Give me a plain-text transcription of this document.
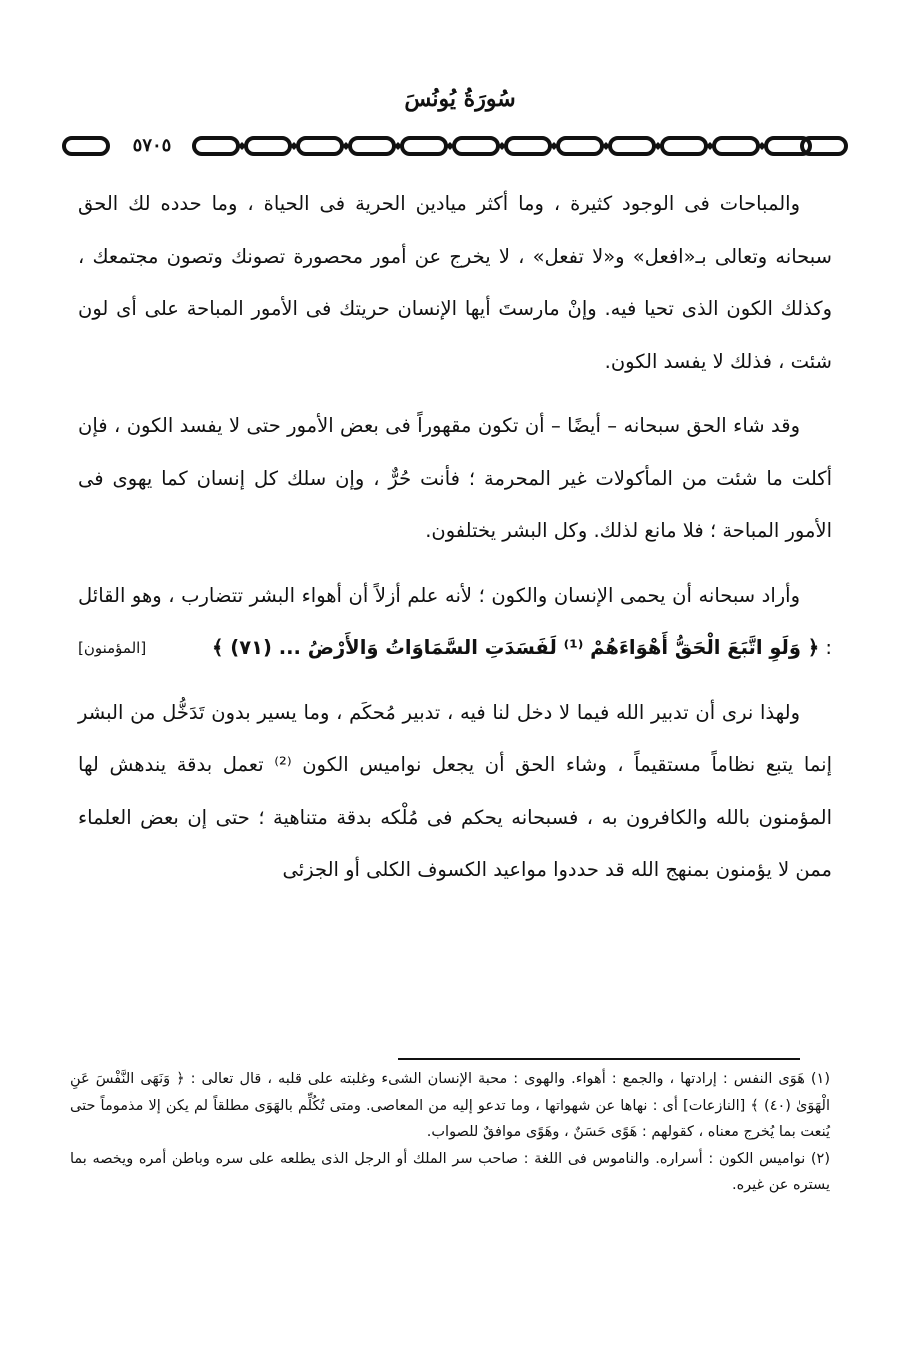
سُورَةُ يُونُسَ
٥٧٠٥

والمباحات فى الوجود كثيرة ، وما أكثر ميادين الحرية فى الحياة ، وما حدده لك الحق سبحانه وتعالى بـ«افعل» و«لا تفعل» ، لا يخرج عن أمور محصورة تصونك وتصون مجتمعك ، وكذلك الكون الذى تحيا فيه. وإنْ مارستَ أيها الإنسان حريتك فى الأمور المباحة على أى لون شئت ، فذلك لا يفسد الكون.

وقد شاء الحق سبحانه – أيضًا – أن تكون مقهوراً فى بعض الأمور حتى لا يفسد الكون ، فإن أكلت ما شئت من المأكولات غير المحرمة ؛ فأنت حُرٌّ ، وإن سلك كل إنسان كما يهوى فى الأمور المباحة ؛ فلا مانع لذلك. وكل البشر يختلفون.

وأراد سبحانه أن يحمى الإنسان والكون ؛ لأنه علم أزلاً أن أهواء البشر تتضارب ، وهو القائل : ﴿ وَلَوِ اتَّبَعَ الْحَقُّ أَهْوَاءَهُمْ ⁽¹⁾ لَفَسَدَتِ السَّمَاوَاتُ وَالأَرْضُ ... (٧١) ﴾
[المؤمنون]

ولهذا نرى أن تدبير الله فيما لا دخل لنا فيه ، تدبير مُحكَم ، وما يسير بدون تَدَخُّل من البشر إنما يتبع نظاماً مستقيماً ، وشاء الحق أن يجعل نواميس الكون ⁽²⁾ تعمل بدقة يندهش لها المؤمنون بالله والكافرون به ، فسبحانه يحكم فى مُلْكه بدقة متناهية ؛ حتى إن بعض العلماء ممن لا يؤمنون بمنهج الله قد حددوا مواعيد الكسوف الكلى أو الجزئى

(١) هَوَى النفس : إرادتها ، والجمع : أهواء. والهوى : محبة الإنسان الشىء وغلبته على قلبه ، قال تعالى : ﴿ وَنَهَى النَّفْسَ عَنِ الْهَوَىٰ (٤٠) ﴾ [النازعات] أى : نهاها عن شهواتها ، وما تدعو إليه من المعاصى. ومتى تُكُلِّم بالهَوَى مطلقاً لم يكن إلا مذموماً حتى يُنعت بما يُخرج معناه ، كقولهم : هَوًى حَسَنٌ ، وهَوًى موافقٌ للصواب.

(٢) نواميس الكون : أسراره. والناموس فى اللغة : صاحب سر الملك أو الرجل الذى يطلعه على سره وباطن أمره ويخصه بما يستره عن غيره.
